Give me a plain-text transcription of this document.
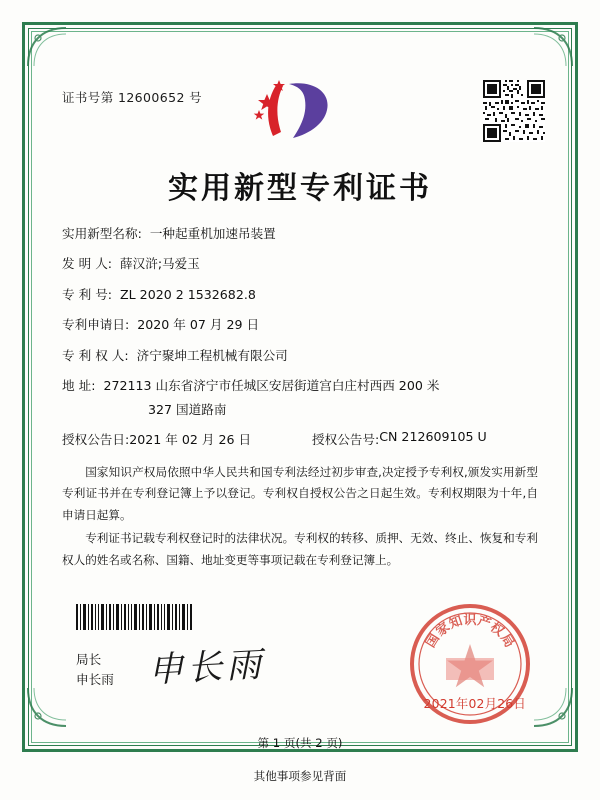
证书号第 12600652 号
实用新型专利证书
实用新型名称: 一种起重机加速吊装置
发 明 人: 薛汉浒;马爱玉
专 利 号: ZL 2020 2 1532682.8
专利申请日: 2020 年 07 月 29 日
专 利 权 人: 济宁聚坤工程机械有限公司
地 址: 272113 山东省济宁市任城区安居街道宫白庄村西西 200 米
327 国道路南
授权公告日: 2021 年 02 月 26 日	授权公告号: CN 212609105 U

国家知识产权局依照中华人民共和国专利法经过初步审查,决定授予专利权,颁发实用新型专利证书并在专利登记簿上予以登记。专利权自授权公告之日起生效。专利权期限为十年,自申请日起算。

专利证书记载专利权登记时的法律状况。专利权的转移、质押、无效、终止、恢复和专利权人的姓名或名称、国籍、地址变更等事项记载在专利登记簿上。

局长
申长雨 申长雨
国
家
知 识 产
权
局
2021年02月26日
第 1 页(共 2 页)
其他事项参见背面
